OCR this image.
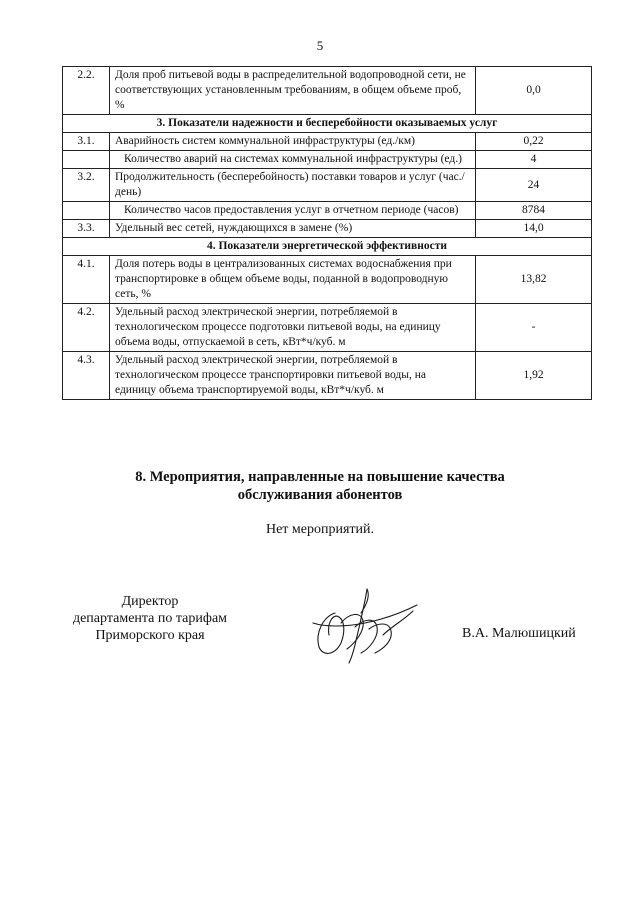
5
2.2.	Доля проб питьевой воды в распределительной водопроводной сети, не соответствующих установленным требованиям, в общем объеме проб, %	0,0
3. Показатели надежности и бесперебойности оказываемых услуг		
3.1.	Аварийность систем коммунальной инфраструктуры (ед./км)	0,22
	Количество аварий на системах коммунальной инфраструктуры (ед.)	4
3.2.	Продолжительность (бесперебойность) поставки товаров и услуг (час./день)	24
	Количество часов предоставления услуг в отчетном периоде (часов)	8784
3.3.	Удельный вес сетей, нуждающихся в замене (%)	14,0
4. Показатели энергетической эффективности		
4.1.	Доля потерь воды в централизованных системах водоснабжения при транспортировке в общем объеме воды, поданной в водопроводную сеть, %	13,82
4.2.	Удельный расход электрической энергии, потребляемой в технологическом процессе подготовки питьевой воды, на единицу объема воды, отпускаемой в сеть, кВт*ч/куб. м	-
4.3.	Удельный расход электрической энергии, потребляемой в технологическом процессе транспортировки питьевой воды, на единицу объема транспортируемой воды, кВт*ч/куб. м	1,92
8. Мероприятия, направленные на повышение качества
обслуживания абонентов
Нет мероприятий.
Директор
департамента по тарифам
Приморского края	В.А. Малюшицкий
